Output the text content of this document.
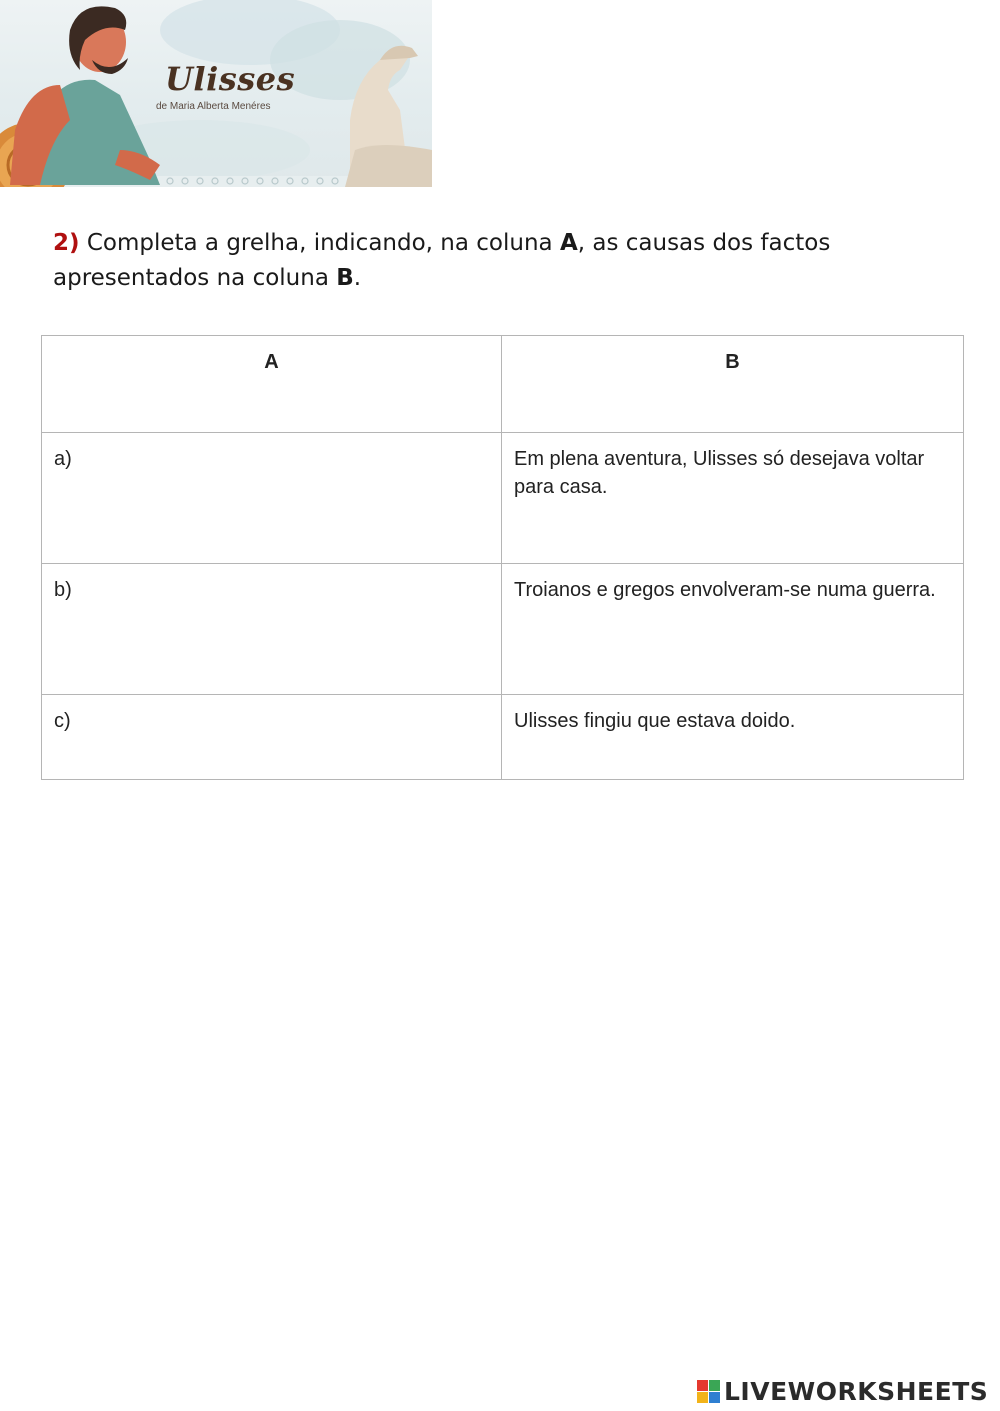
Ulisses
de Maria Alberta Menéres
2) Completa a grelha, indicando, na coluna A, as causas dos factos apresentados na coluna B.
A	B
a)	Em plena aventura, Ulisses só desejava voltar para casa.
b)	Troianos e gregos envolveram-se numa guerra.
c)	Ulisses fingiu que estava doido.
LIVEWORKSHEETS
